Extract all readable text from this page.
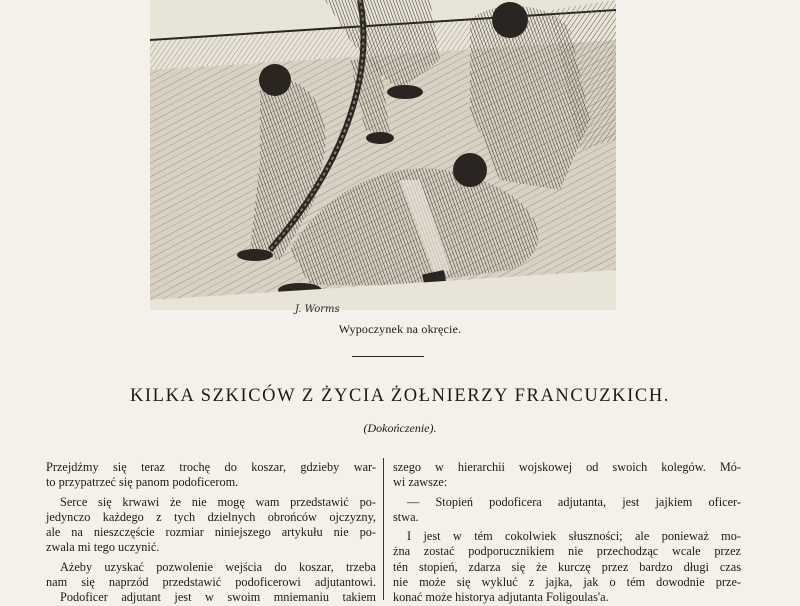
J. Worms
Wypoczynek na okręcie.
KILKA SZKICÓW Z ŻYCIA ŻOŁNIERZY FRANCUZKICH.
(Dokończenie).
Przejdźmy się teraz trochę do koszar, gdzieby war-
to przypatrzeć się panom podoficerom.
Serce się krwawi że nie mogę wam przedstawić po-
jedynczo każdego z tych dzielnych obrońców ojczyzny,
ale na nieszczęście rozmiar niniejszego artykułu nie po-
zwala mi tego uczynić.
Ażeby uzyskać pozwolenie wejścia do koszar, trzeba
nam się naprzód przedstawić podoficerowi adjutantowi.
Podoficer adjutant jest w swoim mniemaniu takiem
szego w hierarchii wojskowej od swoich kolegów. Mó-
wi zawsze:
— Stopień podoficera adjutanta, jest jajkiem oficer-
stwa.
I jest w tém cokolwiek słuszności; ale ponieważ mo-
żna zostać podporucznikiem nie przechodząc wcale przez
tén stopień, zdarza się że kurczę przez bardzo długi czas
nie może się wykluć z jajka, jak o tém dowodnie prze-
konać może historya adjutanta Foligoulas'a.
